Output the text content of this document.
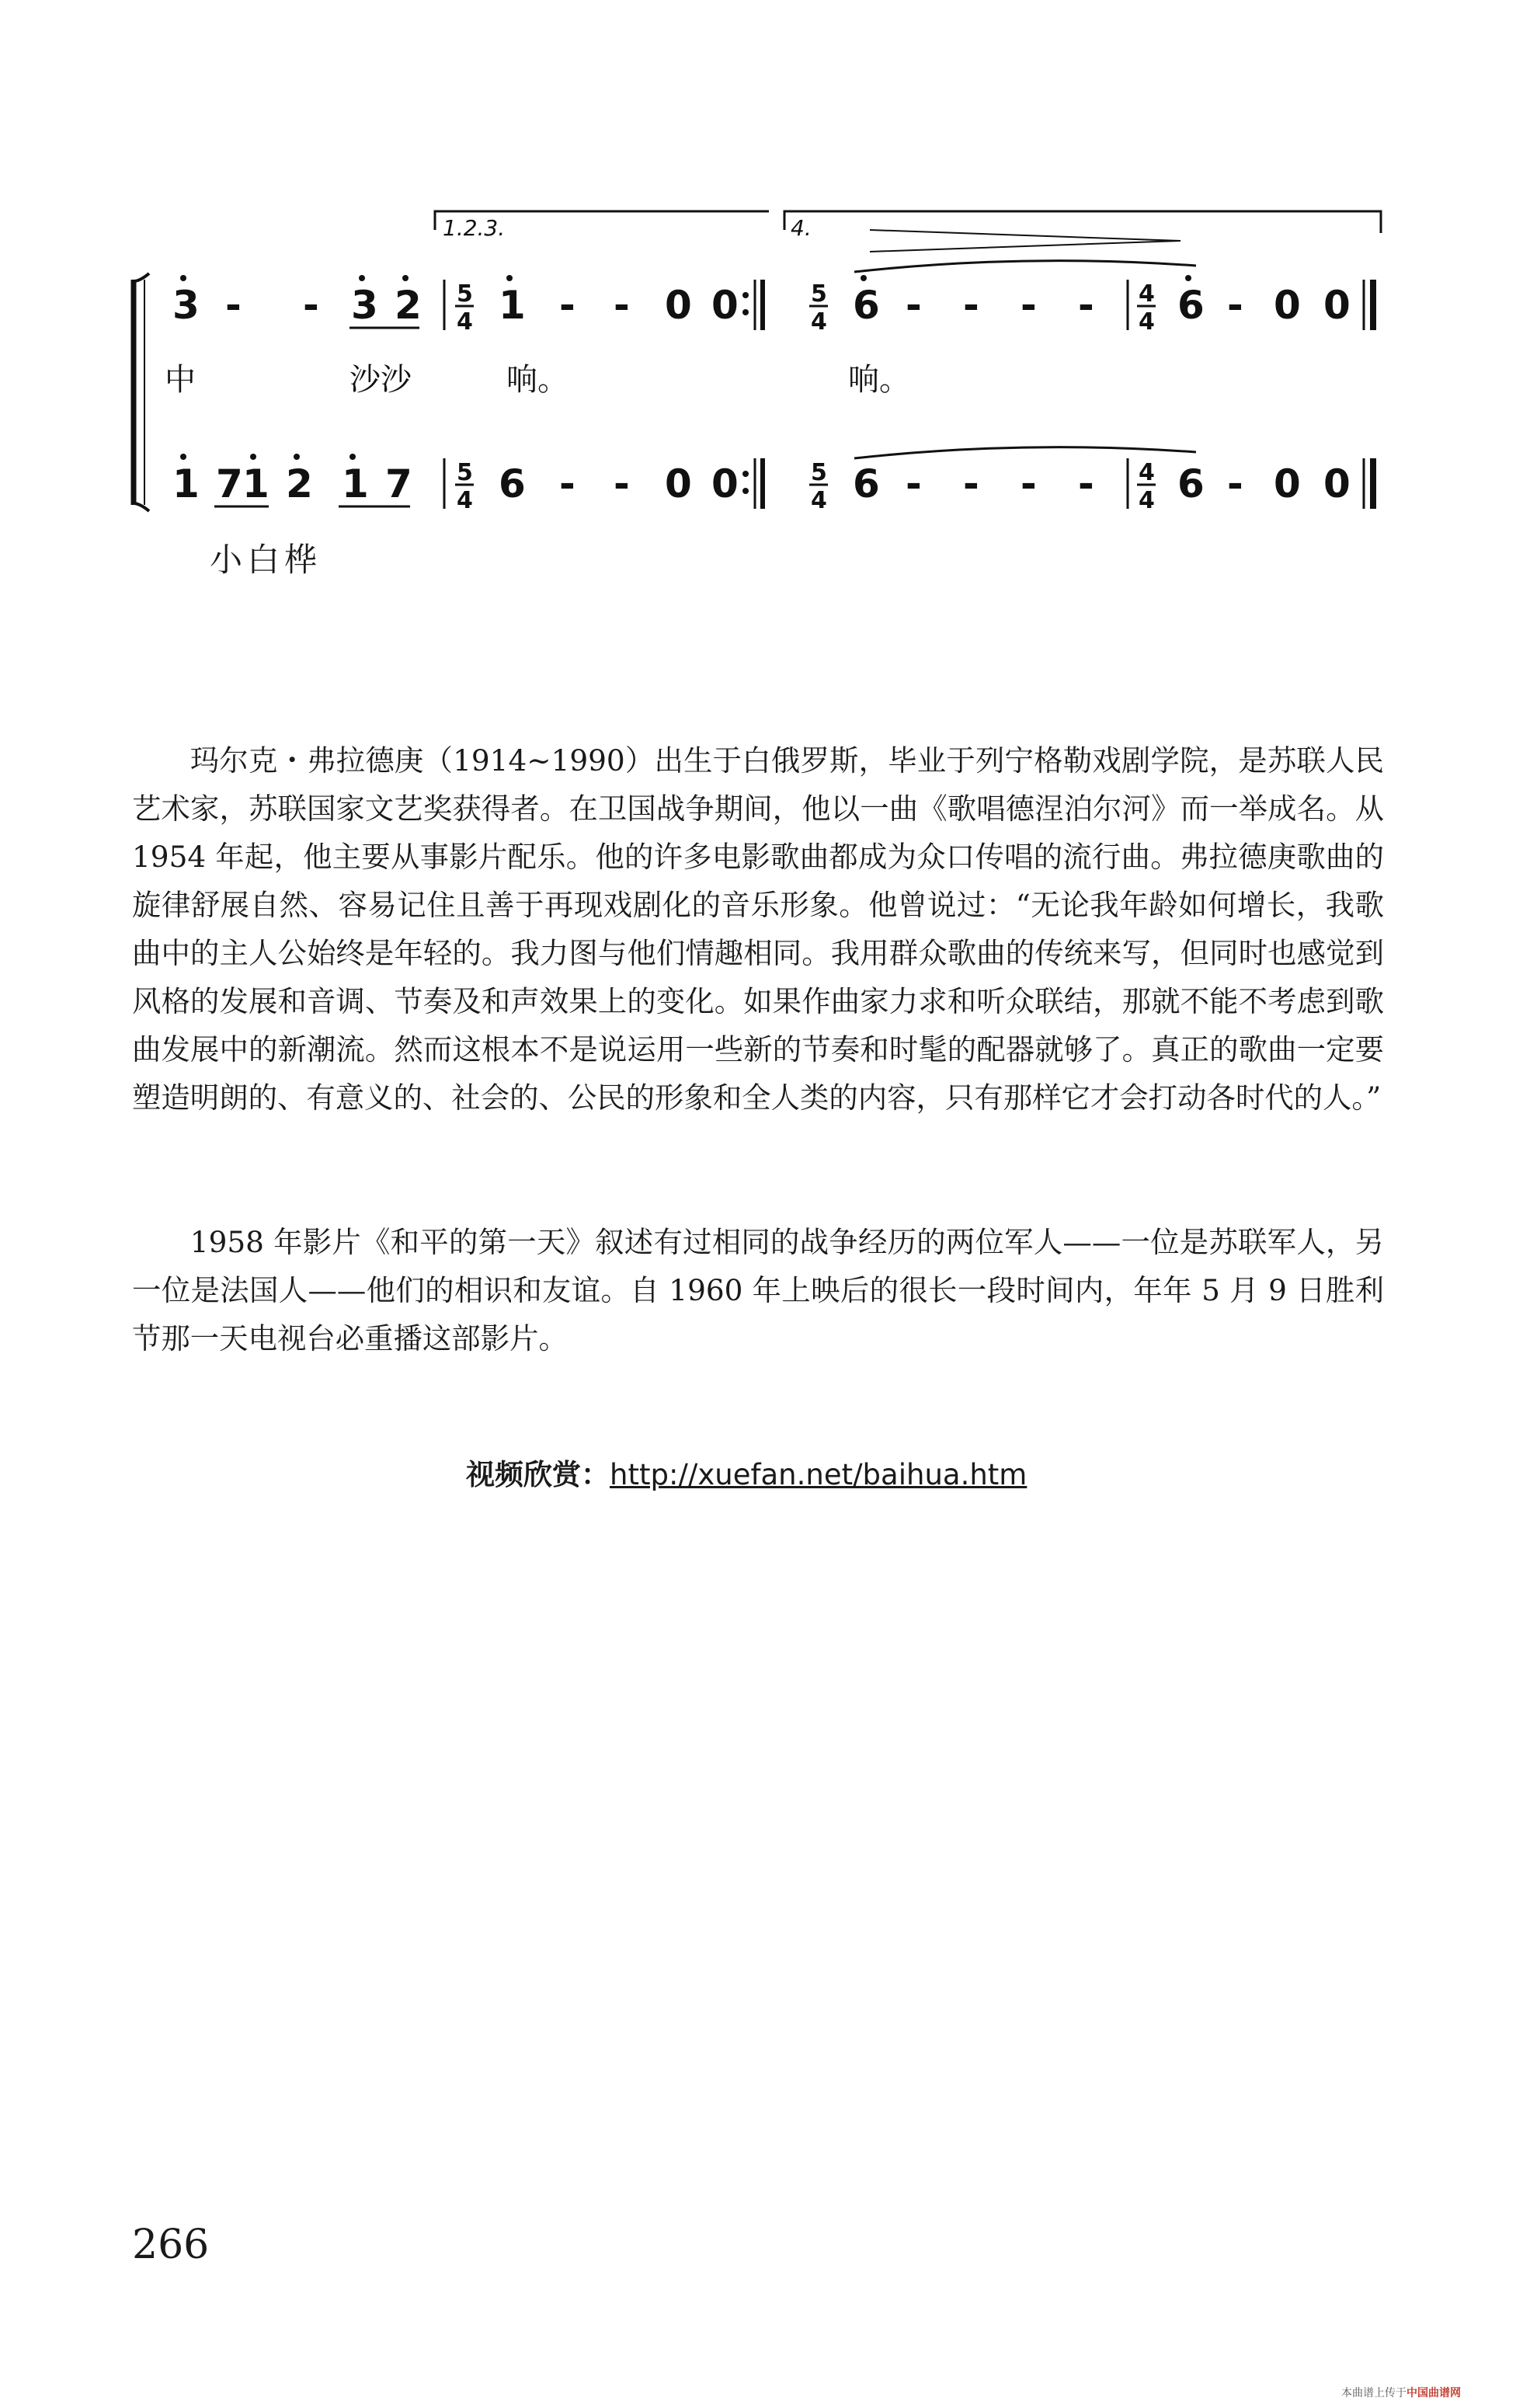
1.2.3.	4.
3 - - 3 2 5
4 1 - - 0 0	5
4 6 - - - - 4
4 6 - 0 0
中	沙沙	响。	响。
1 7 1 2 1 7 5
4 6 - - 0 0	5
4 6 - - - - 4
4 6 - 0 0
小白桦

玛尔克・弗拉德庚（1914~1990）出生于白俄罗斯，毕业于列宁格勒戏剧学院，是苏联人民艺术家，苏联国家文艺奖获得者。在卫国战争期间，他以一曲《歌唱德涅泊尔河》而一举成名。从 1954 年起，他主要从事影片配乐。他的许多电影歌曲都成为众口传唱的流行曲。弗拉德庚歌曲的旋律舒展自然、容易记住且善于再现戏剧化的音乐形象。他曾说过：“无论我年龄如何增长，我歌曲中的主人公始终是年轻的。我力图与他们情趣相同。我用群众歌曲的传统来写，但同时也感觉到风格的发展和音调、节奏及和声效果上的变化。如果作曲家力求和听众联结，那就不能不考虑到歌曲发展中的新潮流。然而这根本不是说运用一些新的节奏和时髦的配器就够了。真正的歌曲一定要塑造明朗的、有意义的、社会的、公民的形象和全人类的内容，只有那样它才会打动各时代的人。”

1958 年影片《和平的第一天》叙述有过相同的战争经历的两位军人——一位是苏联军人，另一位是法国人——他们的相识和友谊。自 1960 年上映后的很长一段时间内，年年 5 月 9 日胜利节那一天电视台必重播这部影片。

视频欣赏：http://xuefan.net/baihua.htm
266
本曲谱上传于中国曲谱网
